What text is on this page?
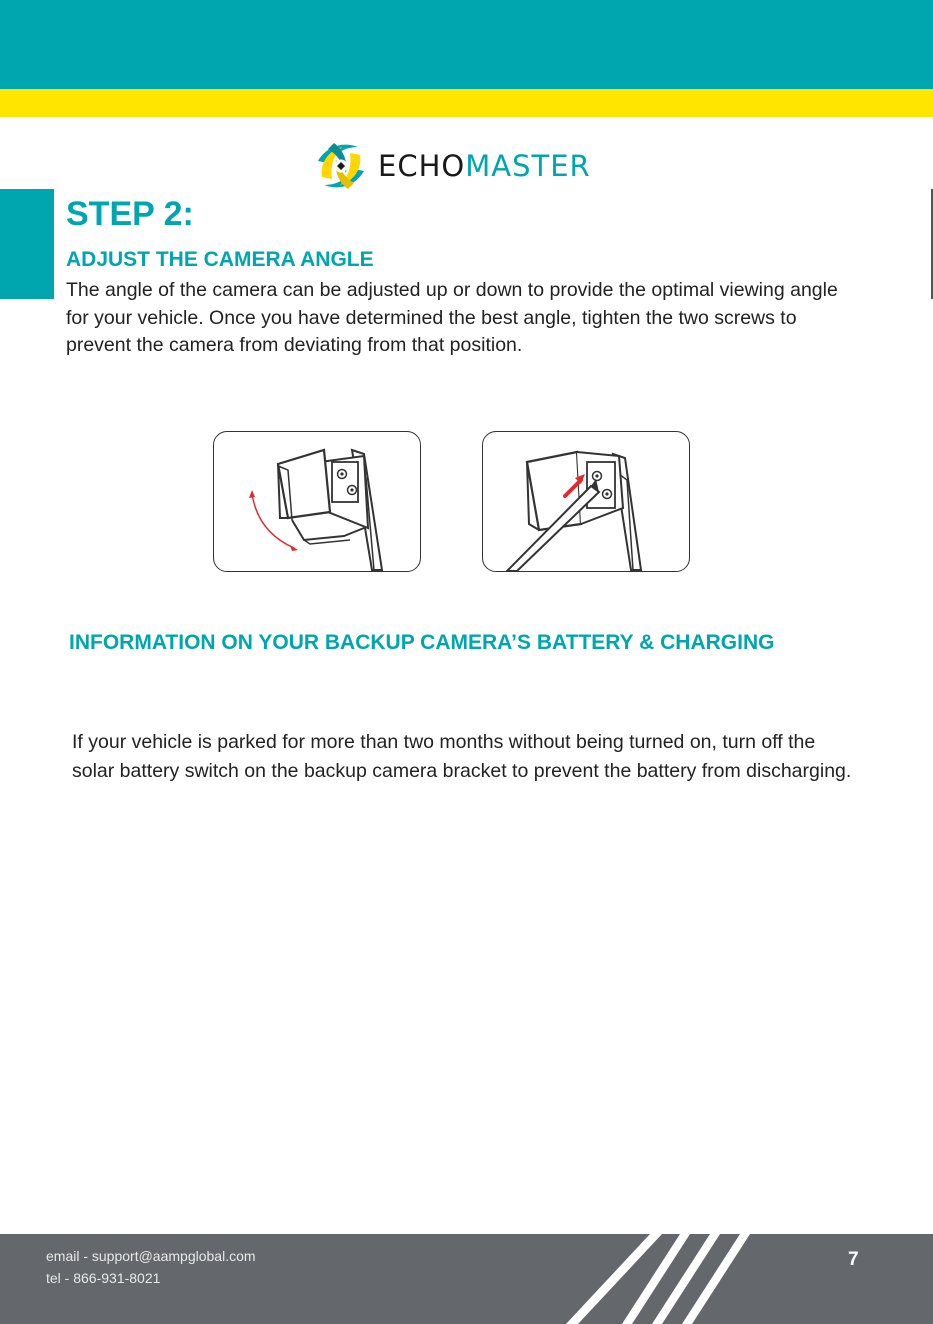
ECHOMASTER
STEP 2:
ADJUST THE CAMERA ANGLE

The angle of the camera can be adjusted up or down to provide the optimal viewing angle for your vehicle. Once you have determined the best angle, tighten the two screws to prevent the camera from deviating from that position.

INFORMATION ON YOUR BACKUP CAMERA’S BATTERY & CHARGING

If your vehicle is parked for more than two months without being turned on, turn off the solar battery switch on the backup camera bracket to prevent the battery from discharging.

email - support@aampglobal.com
tel - 866-931-8021
7
